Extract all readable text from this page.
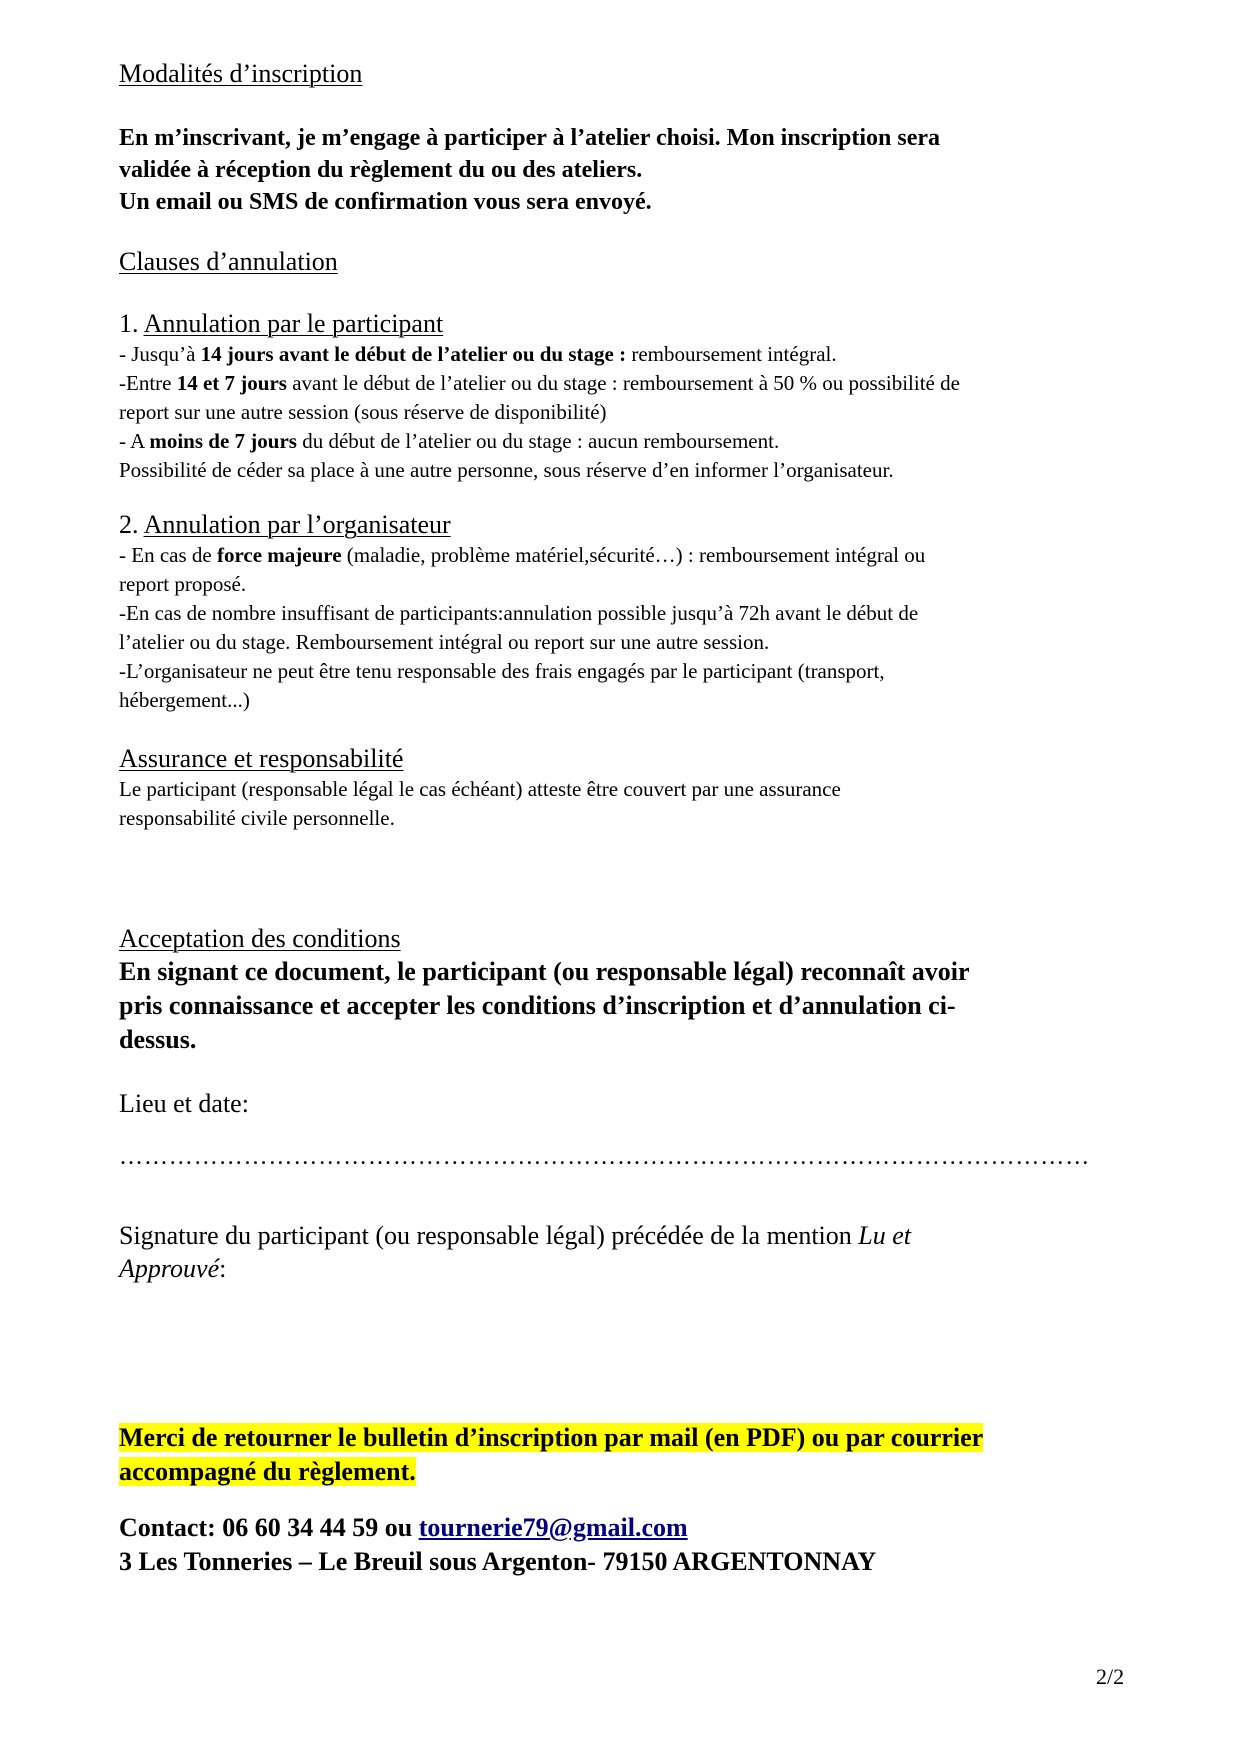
Modalités d’inscription
En m’inscrivant, je m’engage à participer à l’atelier choisi. Mon inscription sera
validée à réception du règlement du ou des ateliers.
Un email ou SMS de confirmation vous sera envoyé.
Clauses d’annulation
1. Annulation par le participant
- Jusqu’à 14 jours avant le début de l’atelier ou du stage : remboursement intégral.
-Entre 14 et 7 jours avant le début de l’atelier ou du stage : remboursement à 50 % ou possibilité de
report sur une autre session (sous réserve de disponibilité)
- A moins de 7 jours du début de l’atelier ou du stage : aucun remboursement.
Possibilité de céder sa place à une autre personne, sous réserve d’en informer l’organisateur.
2. Annulation par l’organisateur
- En cas de force majeure (maladie, problème matériel,sécurité…) : remboursement intégral ou
report proposé.
-En cas de nombre insuffisant de participants:annulation possible jusqu’à 72h avant le début de
l’atelier ou du stage. Remboursement intégral ou report sur une autre session.
-L’organisateur ne peut être tenu responsable des frais engagés par le participant (transport,
hébergement...)
Assurance et responsabilité
Le participant (responsable légal le cas échéant) atteste être couvert par une assurance
responsabilité civile personnelle.
Acceptation des conditions
En signant ce document, le participant (ou responsable légal) reconnaît avoir
pris connaissance et accepter les conditions d’inscription et d’annulation ci-
dessus.
Lieu et date:
………………………………………………………………………………………………………
Signature du participant (ou responsable légal) précédée de la mention Lu et
Approuvé:
Merci de retourner le bulletin d’inscription par mail (en PDF) ou par courrier
accompagné du règlement.
Contact: 06 60 34 44 59 ou tournerie79@gmail.com
3 Les Tonneries – Le Breuil sous Argenton- 79150 ARGENTONNAY
2/2
